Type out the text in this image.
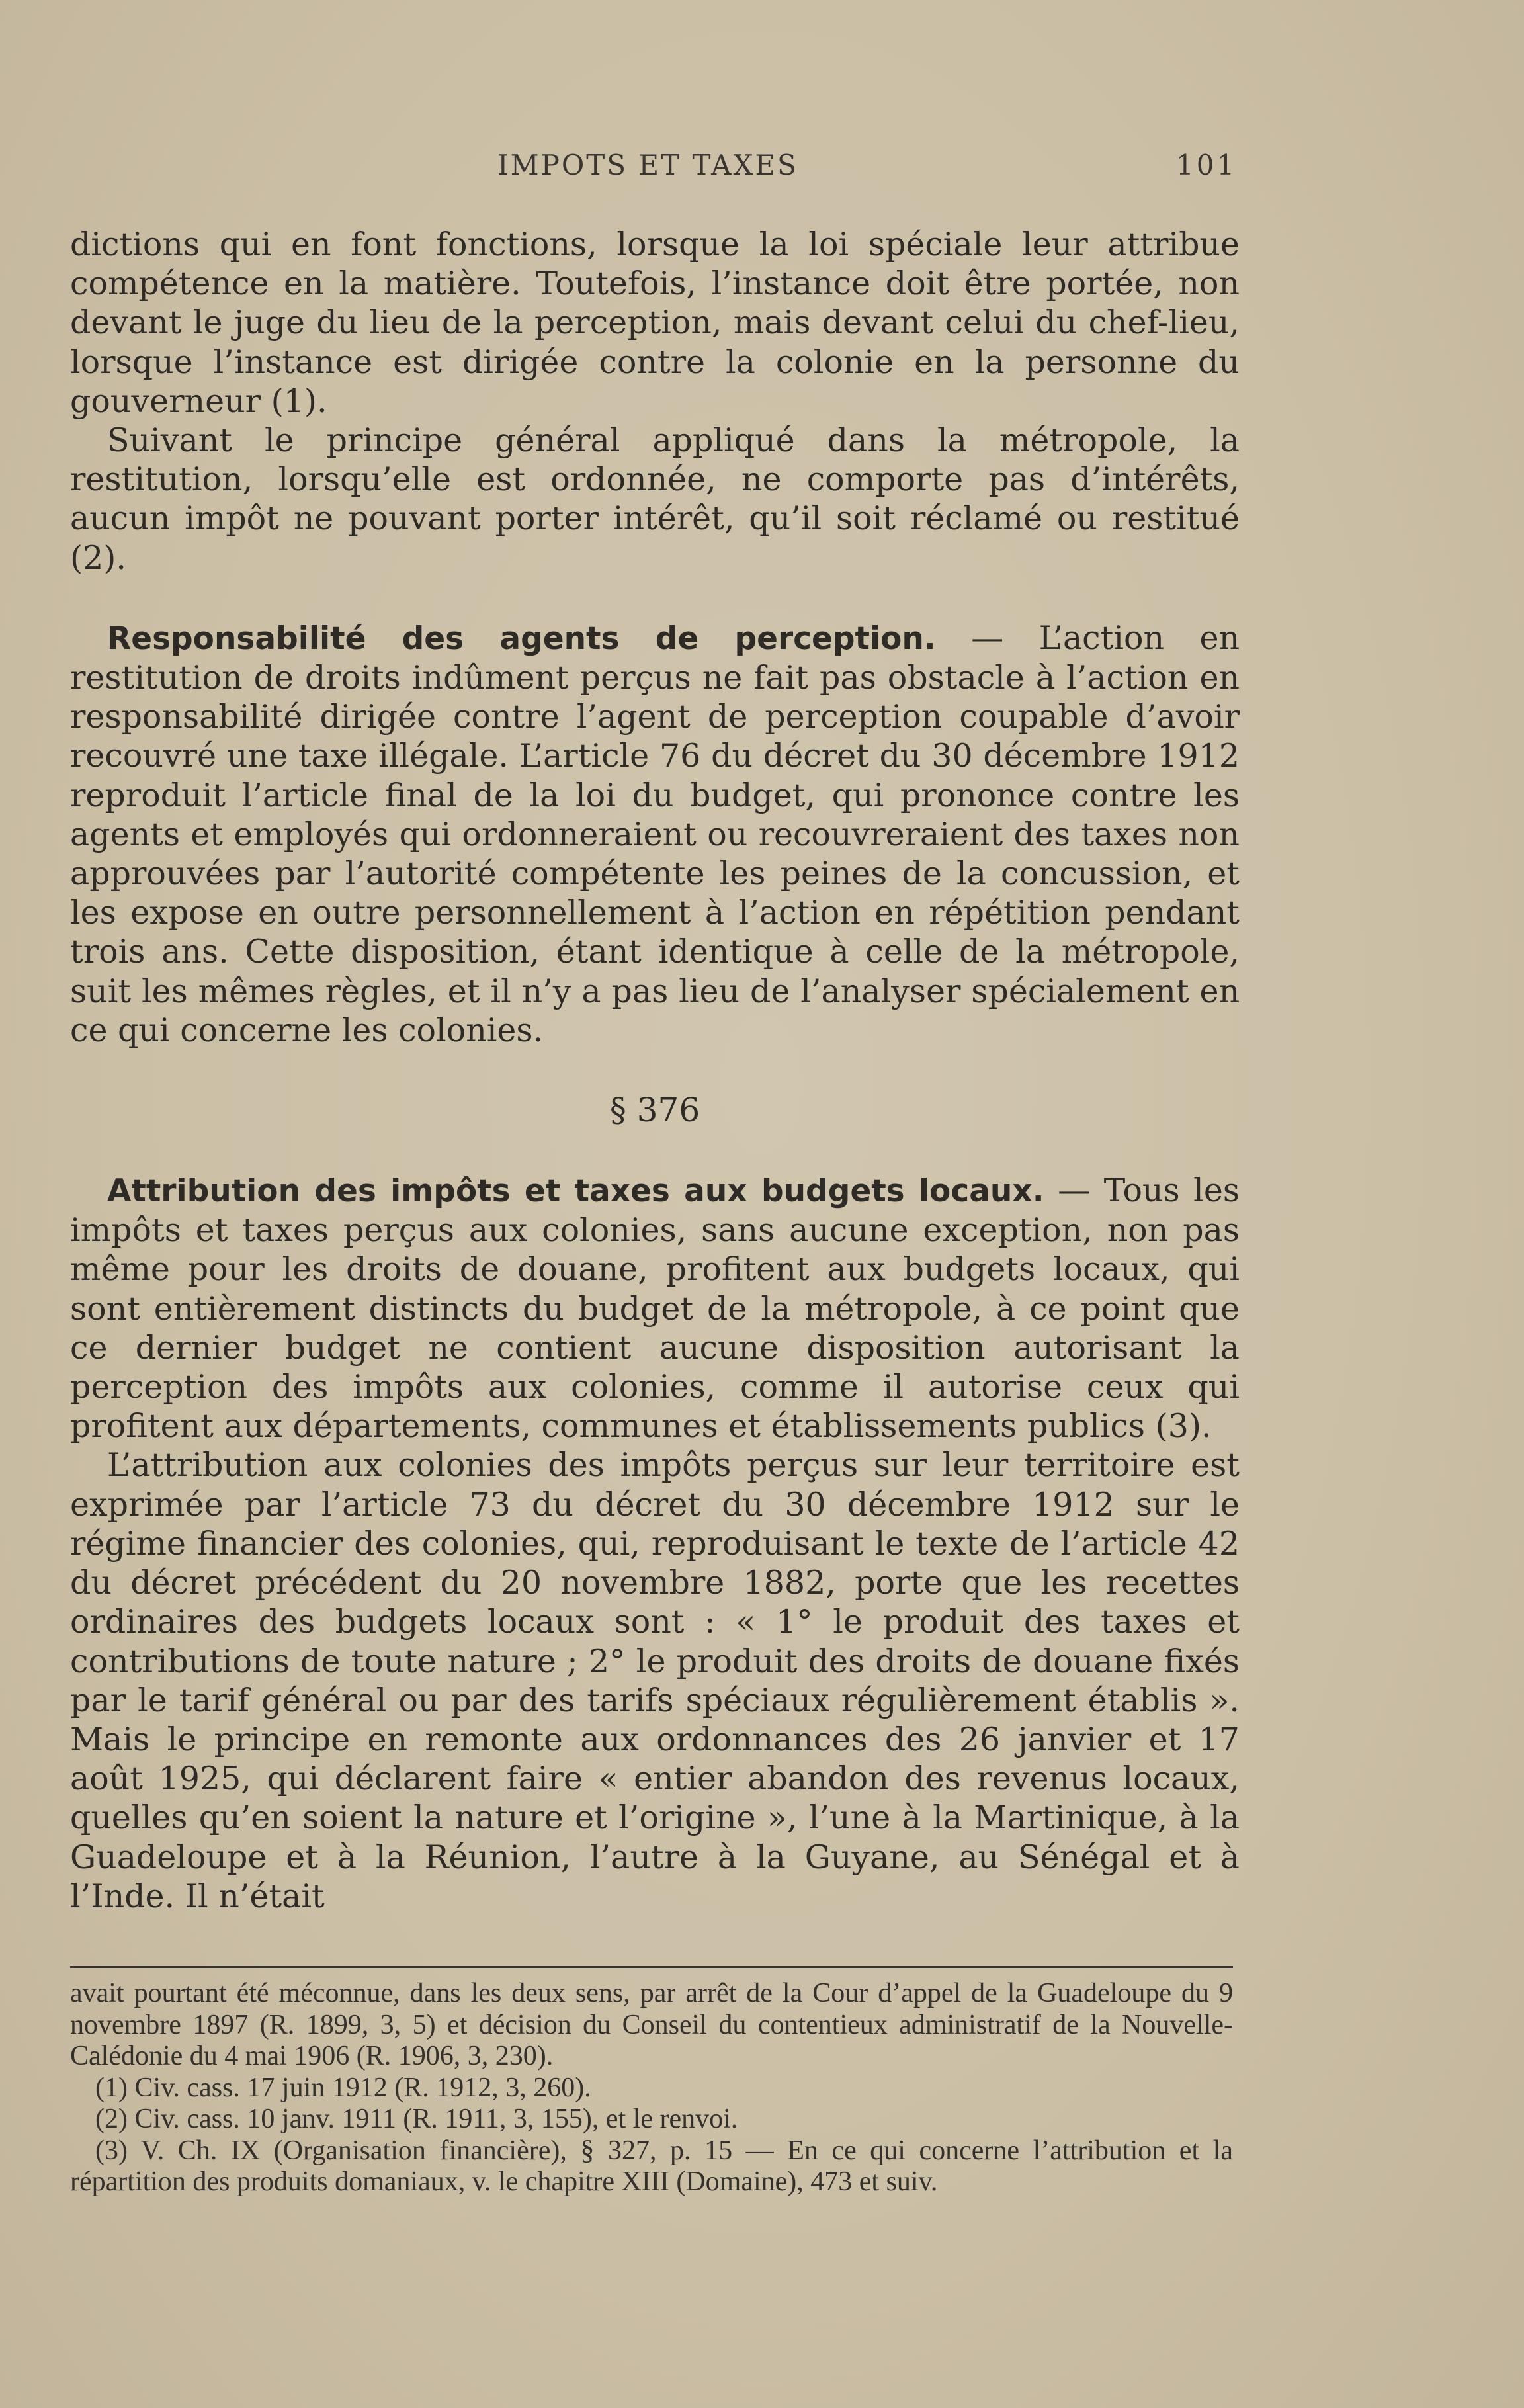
IMPOTS ET TAXES	101

dictions qui en font fonctions, lorsque la loi spéciale leur attribue compétence en la matière. Toutefois, l’instance doit être portée, non devant le juge du lieu de la perception, mais devant celui du chef-lieu, lorsque l’instance est dirigée contre la colonie en la personne du gouverneur (1).

Suivant le principe général appliqué dans la métropole, la restitution, lorsqu’elle est ordonnée, ne comporte pas d’intérêts, aucun impôt ne pouvant porter intérêt, qu’il soit réclamé ou restitué (2).

Responsabilité des agents de perception. — L’action en restitution de droits indûment perçus ne fait pas obstacle à l’action en responsabilité dirigée contre l’agent de perception coupable d’avoir recouvré une taxe illégale. L’article 76 du décret du 30 décembre 1912 reproduit l’article final de la loi du budget, qui prononce contre les agents et employés qui ordonneraient ou recouvreraient des taxes non approuvées par l’autorité compétente les peines de la concussion, et les expose en outre personnellement à l’action en répétition pendant trois ans. Cette disposition, étant identique à celle de la métropole, suit les mêmes règles, et il n’y a pas lieu de l’analyser spécialement en ce qui concerne les colonies.

§ 376

Attribution des impôts et taxes aux budgets locaux. — Tous les impôts et taxes perçus aux colonies, sans aucune exception, non pas même pour les droits de douane, profitent aux budgets locaux, qui sont entièrement distincts du budget de la métropole, à ce point que ce dernier budget ne contient aucune disposition autorisant la perception des impôts aux colonies, comme il autorise ceux qui profitent aux départements, communes et établissements publics (3).

L’attribution aux colonies des impôts perçus sur leur territoire est exprimée par l’article 73 du décret du 30 décembre 1912 sur le régime financier des colonies, qui, reproduisant le texte de l’article 42 du décret précédent du 20 novembre 1882, porte que les recettes ordinaires des budgets locaux sont : « 1° le produit des taxes et contributions de toute nature ; 2° le produit des droits de douane fixés par le tarif général ou par des tarifs spéciaux régulièrement établis ». Mais le principe en remonte aux ordonnances des 26 janvier et 17 août 1925, qui déclarent faire « entier abandon des revenus locaux, quelles qu’en soient la nature et l’origine », l’une à la Martinique, à la Guadeloupe et à la Réunion, l’autre à la Guyane, au Sénégal et à l’Inde. Il n’était

avait pourtant été méconnue, dans les deux sens, par arrêt de la Cour d’appel de la Guadeloupe du 9 novembre 1897 (R. 1899, 3, 5) et décision du Conseil du contentieux administratif de la Nouvelle-Calédonie du 4 mai 1906 (R. 1906, 3, 230).

(1) Civ. cass. 17 juin 1912 (R. 1912, 3, 260).

(2) Civ. cass. 10 janv. 1911 (R. 1911, 3, 155), et le renvoi.

(3) V. Ch. IX (Organisation financière), § 327, p. 15 — En ce qui concerne l’attribution et la répartition des produits domaniaux, v. le chapitre XIII (Domaine), 473 et suiv.
